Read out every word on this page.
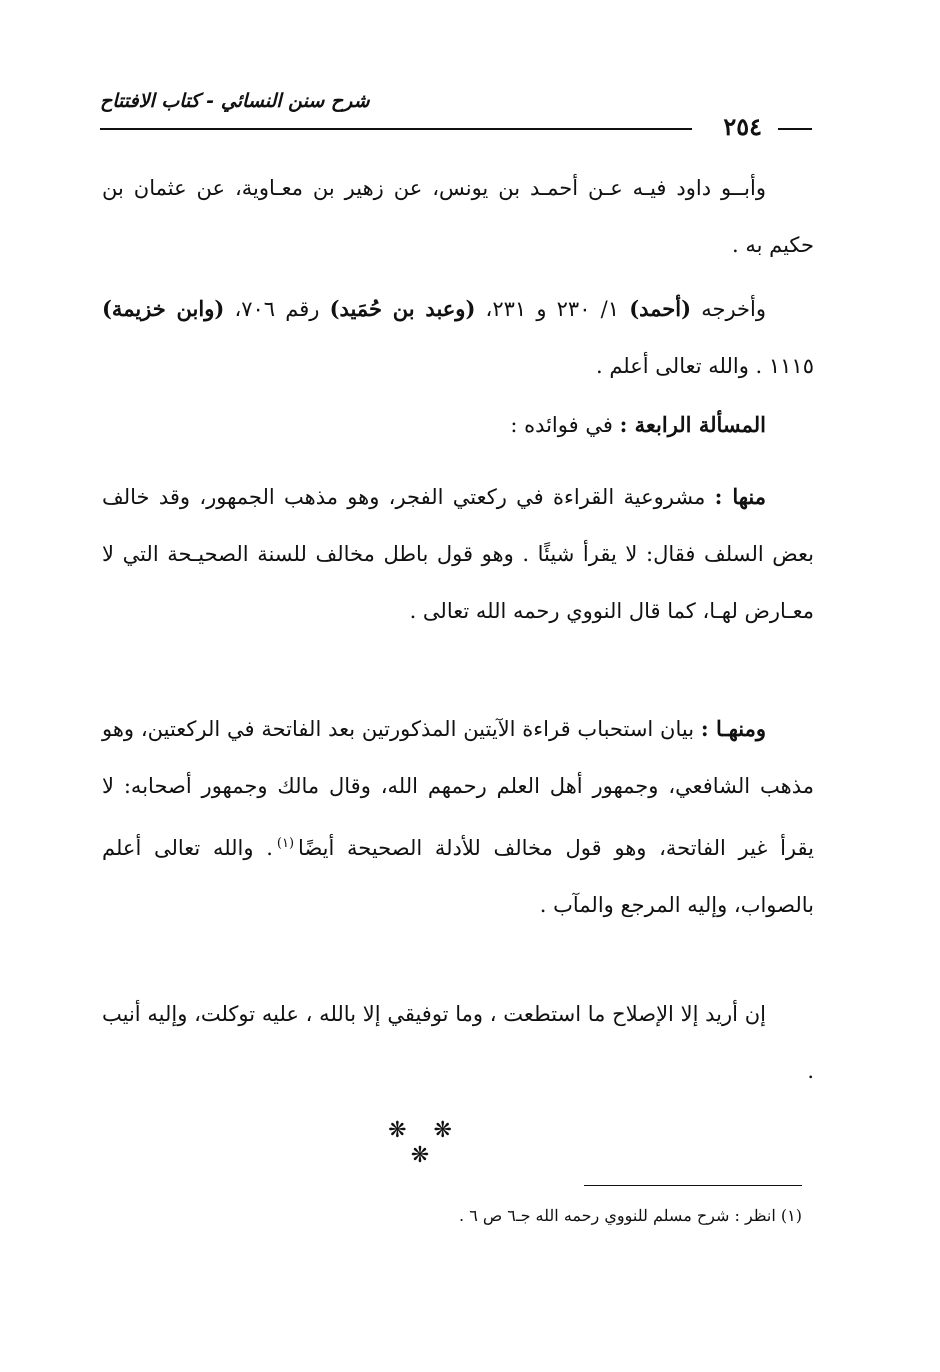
شرح سنن النسائي - كتاب الافتتاح
٢٥٤
وأبــو داود فيـه عـن أحمـد بن يونس، عن زهير بن معـاوية، عن عثمان بن حكيم به .
وأخرجه (أحمد) ١/ ٢٣٠ و ٢٣١، (وعبد بن حُمَيد) رقم ٧٠٦، (وابن خزيمة) ١١١٥ . والله تعالى أعلم .
المسألة الرابعة : في فوائده :
منها : مشروعية القراءة في ركعتي الفجر، وهو مذهب الجمهور، وقد خالف بعض السلف فقال: لا يقرأ شيئًا . وهو قول باطل مخالف للسنة الصحيـحة التي لا معـارض لهـا، كما قال النووي رحمه الله تعالى .
ومنهـا : بيان استحباب قراءة الآيتين المذكورتين بعد الفاتحة في الركعتين، وهو مذهب الشافعي، وجمهور أهل العلم رحمهم الله، وقال مالك وجمهور أصحابه: لا يقرأ غير الفاتحة، وهو قول مخالف للأدلة الصحيحة أيضًا$^{(١)}$. والله تعالى أعلم بالصواب، وإليه المرجع والمآب .
إن أريد إلا الإصلاح ما استطعت ، وما توفيقي إلا بالله ، عليه توكلت، وإليه أنيب .
❋ ❋ ❋
(١) انظر : شرح مسلم للنووي رحمه الله جـ٦ ص ٦ .
